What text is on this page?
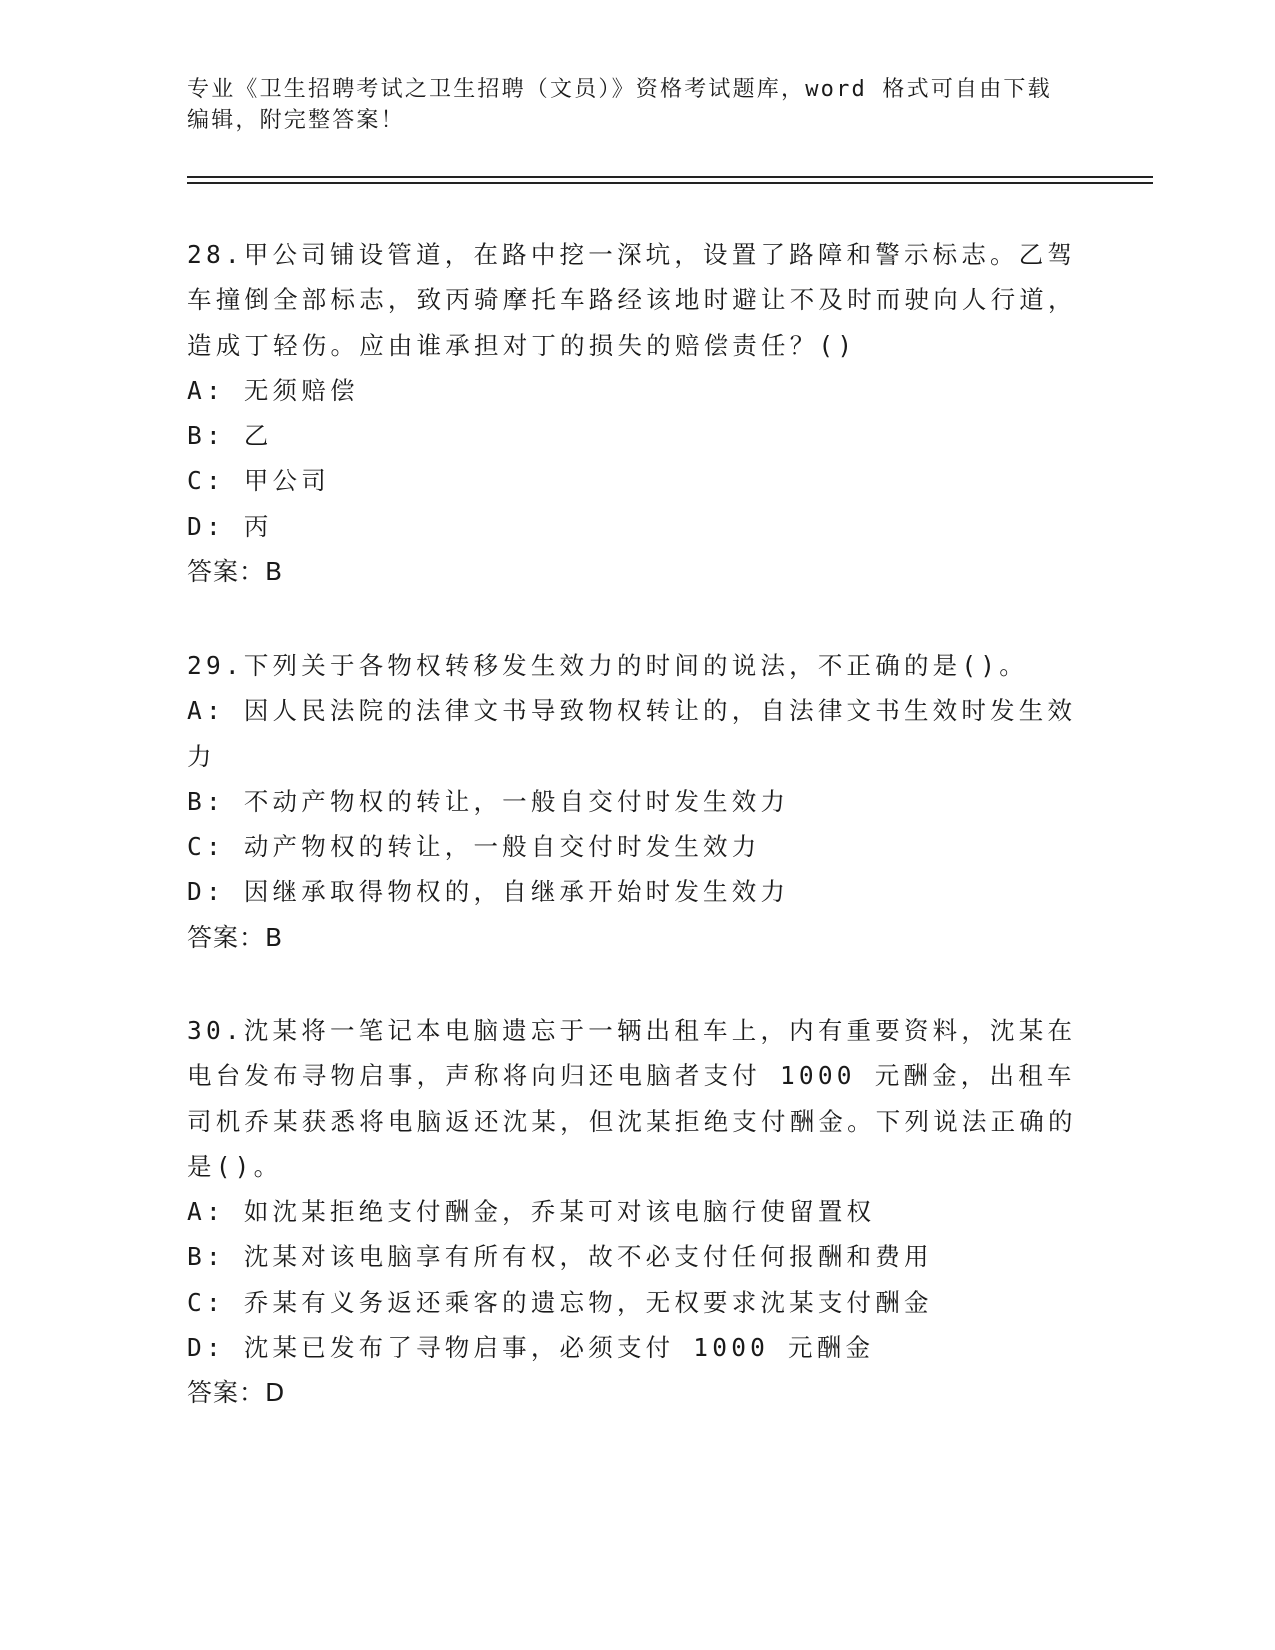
专业《卫生招聘考试之卫生招聘（文员）》资格考试题库，word 格式可自由下载编辑，附完整答案！

28.甲公司铺设管道，在路中挖一深坑，设置了路障和警示标志。乙驾车撞倒全部标志，致丙骑摩托车路经该地时避让不及时而驶向人行道，造成丁轻伤。应由谁承担对丁的损失的赔偿责任？()

A: 无须赔偿

B: 乙

C: 甲公司

D: 丙

答案：B

29.下列关于各物权转移发生效力的时间的说法，不正确的是()。

A: 因人民法院的法律文书导致物权转让的，自法律文书生效时发生效力

B: 不动产物权的转让，一般自交付时发生效力

C: 动产物权的转让，一般自交付时发生效力

D: 因继承取得物权的，自继承开始时发生效力

答案：B

30.沈某将一笔记本电脑遗忘于一辆出租车上，内有重要资料，沈某在电台发布寻物启事，声称将向归还电脑者支付 1000 元酬金，出租车司机乔某获悉将电脑返还沈某，但沈某拒绝支付酬金。下列说法正确的是()。

A: 如沈某拒绝支付酬金，乔某可对该电脑行使留置权

B: 沈某对该电脑享有所有权，故不必支付任何报酬和费用

C: 乔某有义务返还乘客的遗忘物，无权要求沈某支付酬金

D: 沈某已发布了寻物启事，必须支付 1000 元酬金

答案：D
